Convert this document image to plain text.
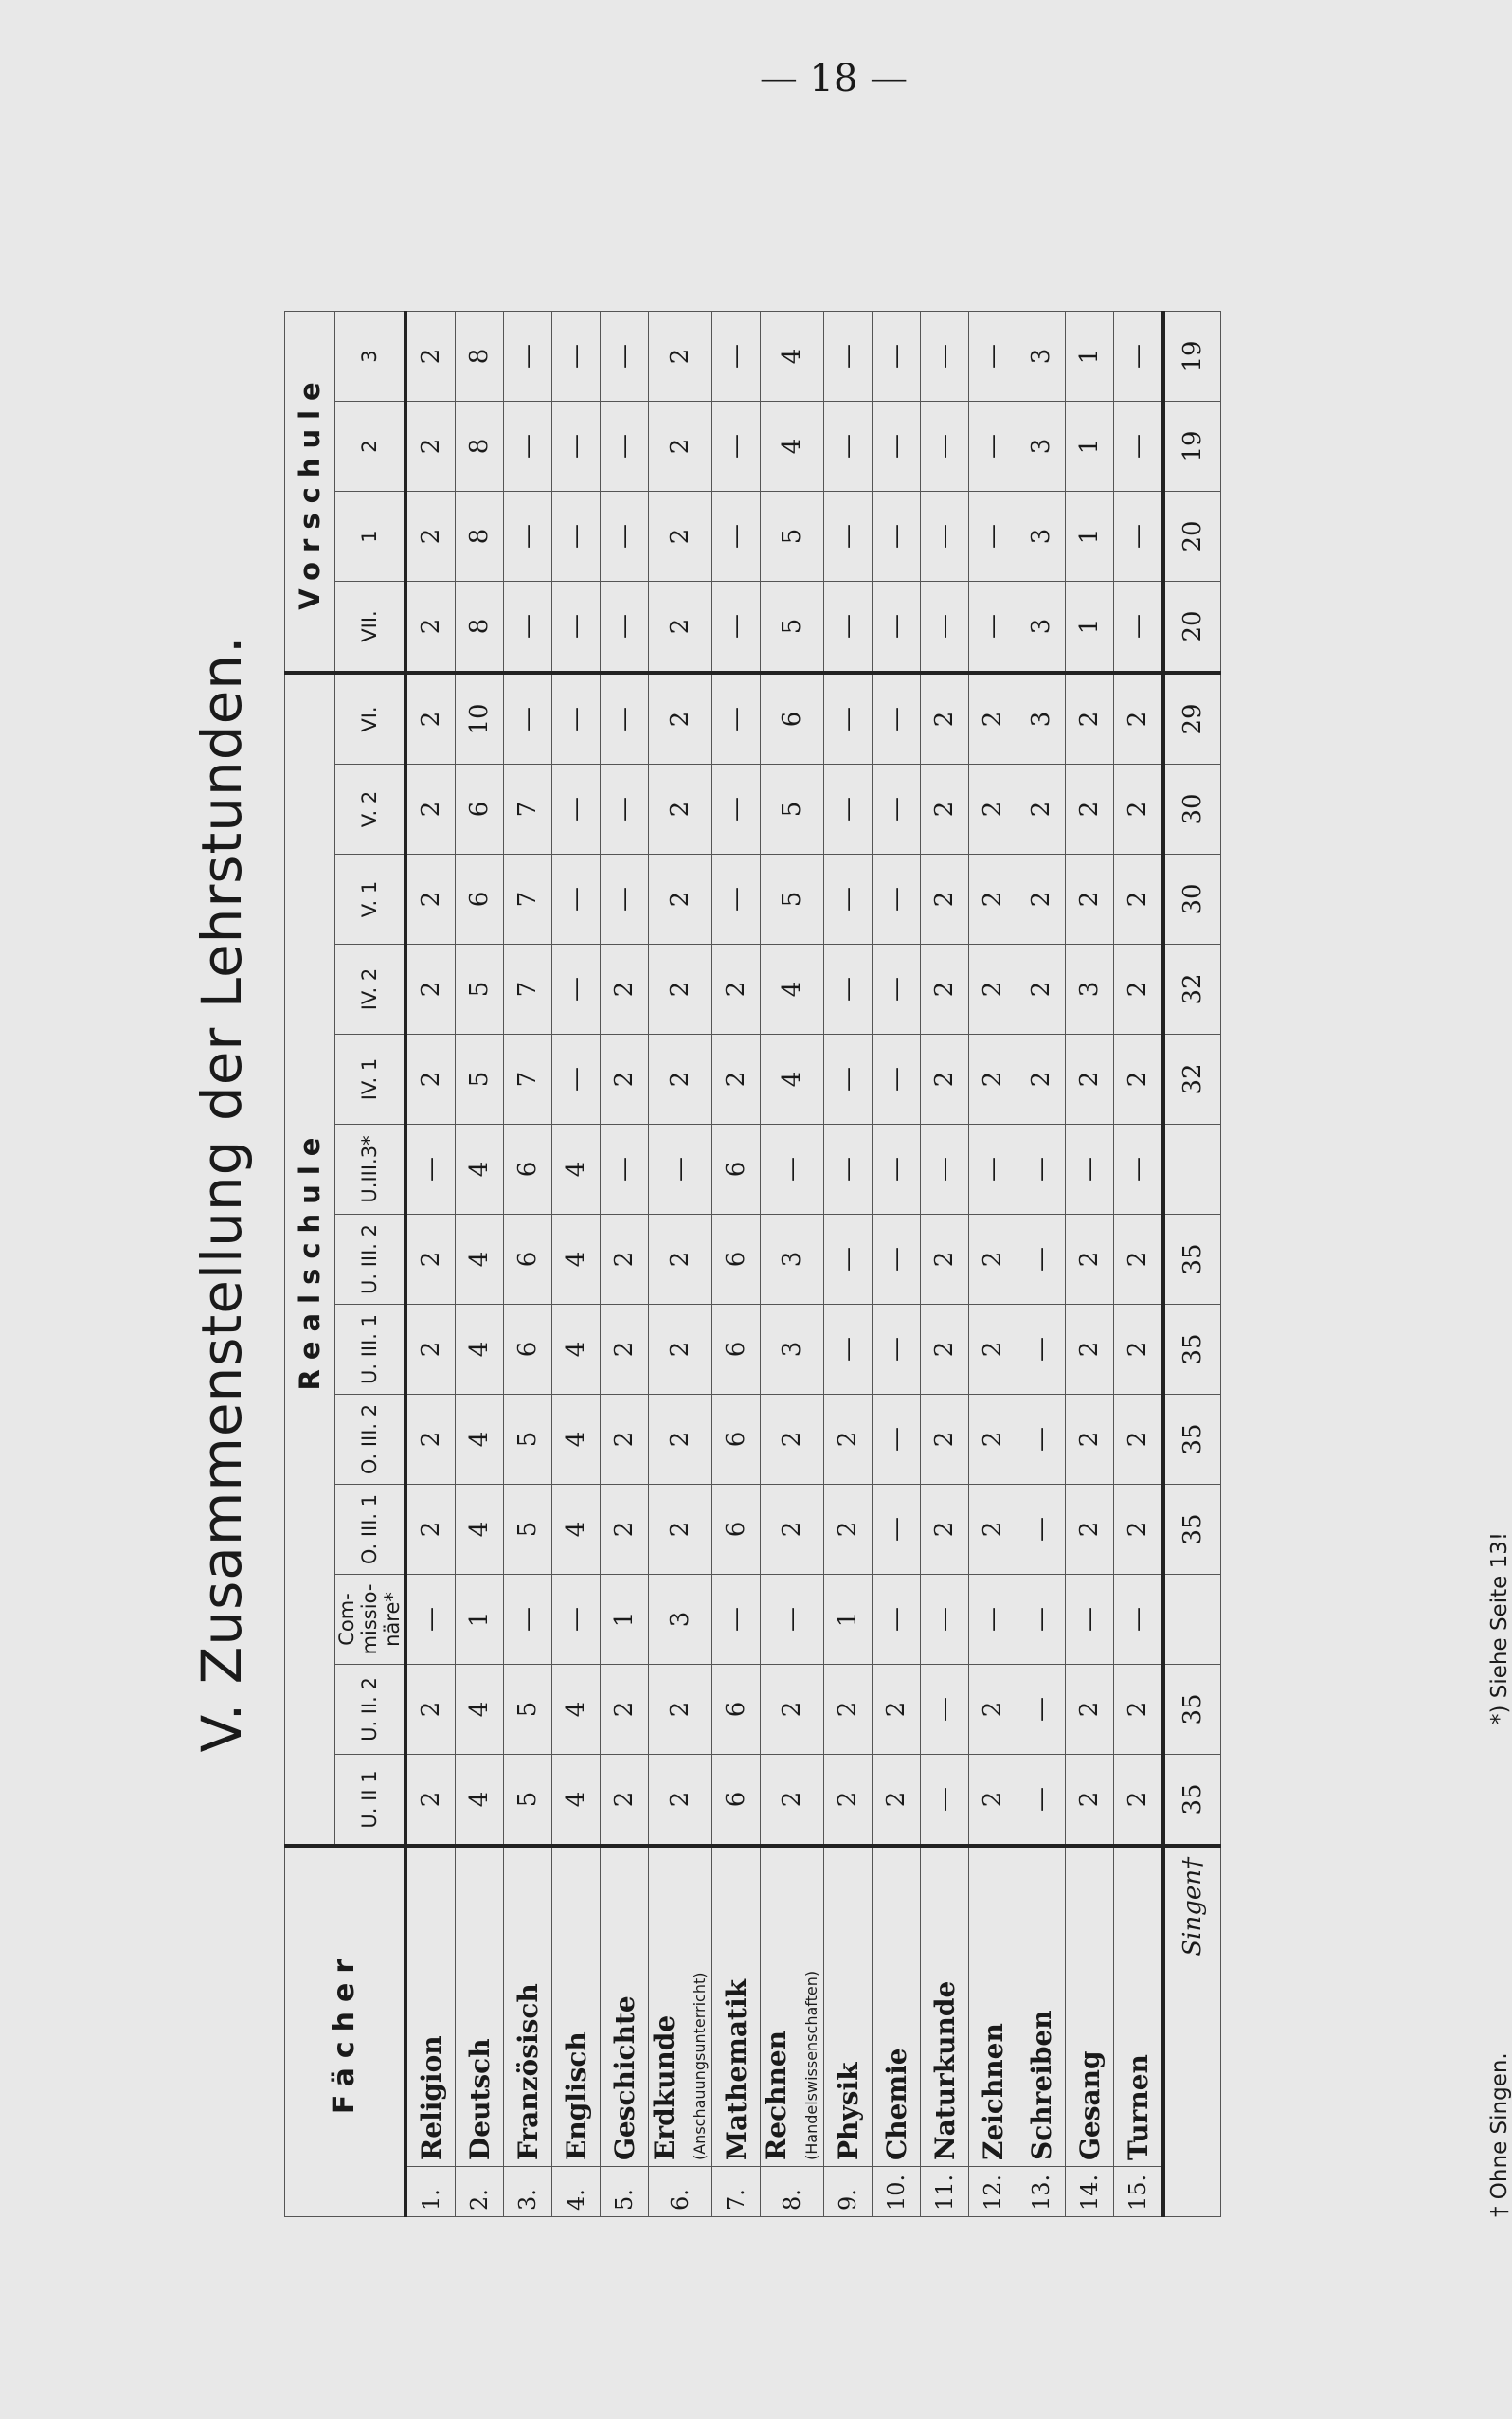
— 18 —
V. Zusammenstellung der Lehrstunden.
Fächer		Realschule													Vorschule			
		U. II 1	U. II. 2	Com-missio-näre*	O. III. 1	O. III. 2	U. III. 1	U. III. 2	U.III.3*	IV. 1	IV. 2	V. 1	V. 2	VI.	VII.	1	2	3
1.	Religion	2	2	—	2	2	2	2	—	2	2	2	2	2	2	2	2	2
2.	Deutsch	4	4	1	4	4	4	4	4	5	5	6	6	10	8	8	8	8
3.	Französisch	5	5	—	5	5	6	6	6	7	7	7	7	—	—	—	—	—
4.	Englisch	4	4	—	4	4	4	4	4	—	—	—	—	—	—	—	—	—
5.	Geschichte	2	2	1	2	2	2	2	—	2	2	—	—	—	—	—	—	—
6.	Erdkunde (Anschauungsunterricht)	2	2	3	2	2	2	2	—	2	2	2	2	2	2	2	2	2
7.	Mathematik	6	6	—	6	6	6	6	6	2	2	—	—	—	—	—	—	—
8.	Rechnen (Handelswissenschaften)	2	2	—	2	2	3	3	—	4	4	5	5	6	5	5	4	4
9.	Physik	2	2	1	2	2	—	—	—	—	—	—	—	—	—	—	—	—
10.	Chemie	2	2	—	—	—	—	—	—	—	—	—	—	—	—	—	—	—
11.	Naturkunde	—	—	—	2	2	2	2	—	2	2	2	2	2	—	—	—	—
12.	Zeichnen	2	2	—	2	2	2	2	—	2	2	2	2	2	—	—	—	—
13.	Schreiben	—	—	—	—	—	—	—	—	2	2	2	2	3	3	3	3	3
14.	Gesang	2	2	—	2	2	2	2	—	2	3	2	2	2	1	1	1	1
15.	Turnen	2	2	—	2	2	2	2	—	2	2	2	2	2	—	—	—	—
Singen†		35	35		35	35	35	35		32	32	30	30	29	20	20	19	19
† Ohne Singen.
*) Siehe Seite 13!
